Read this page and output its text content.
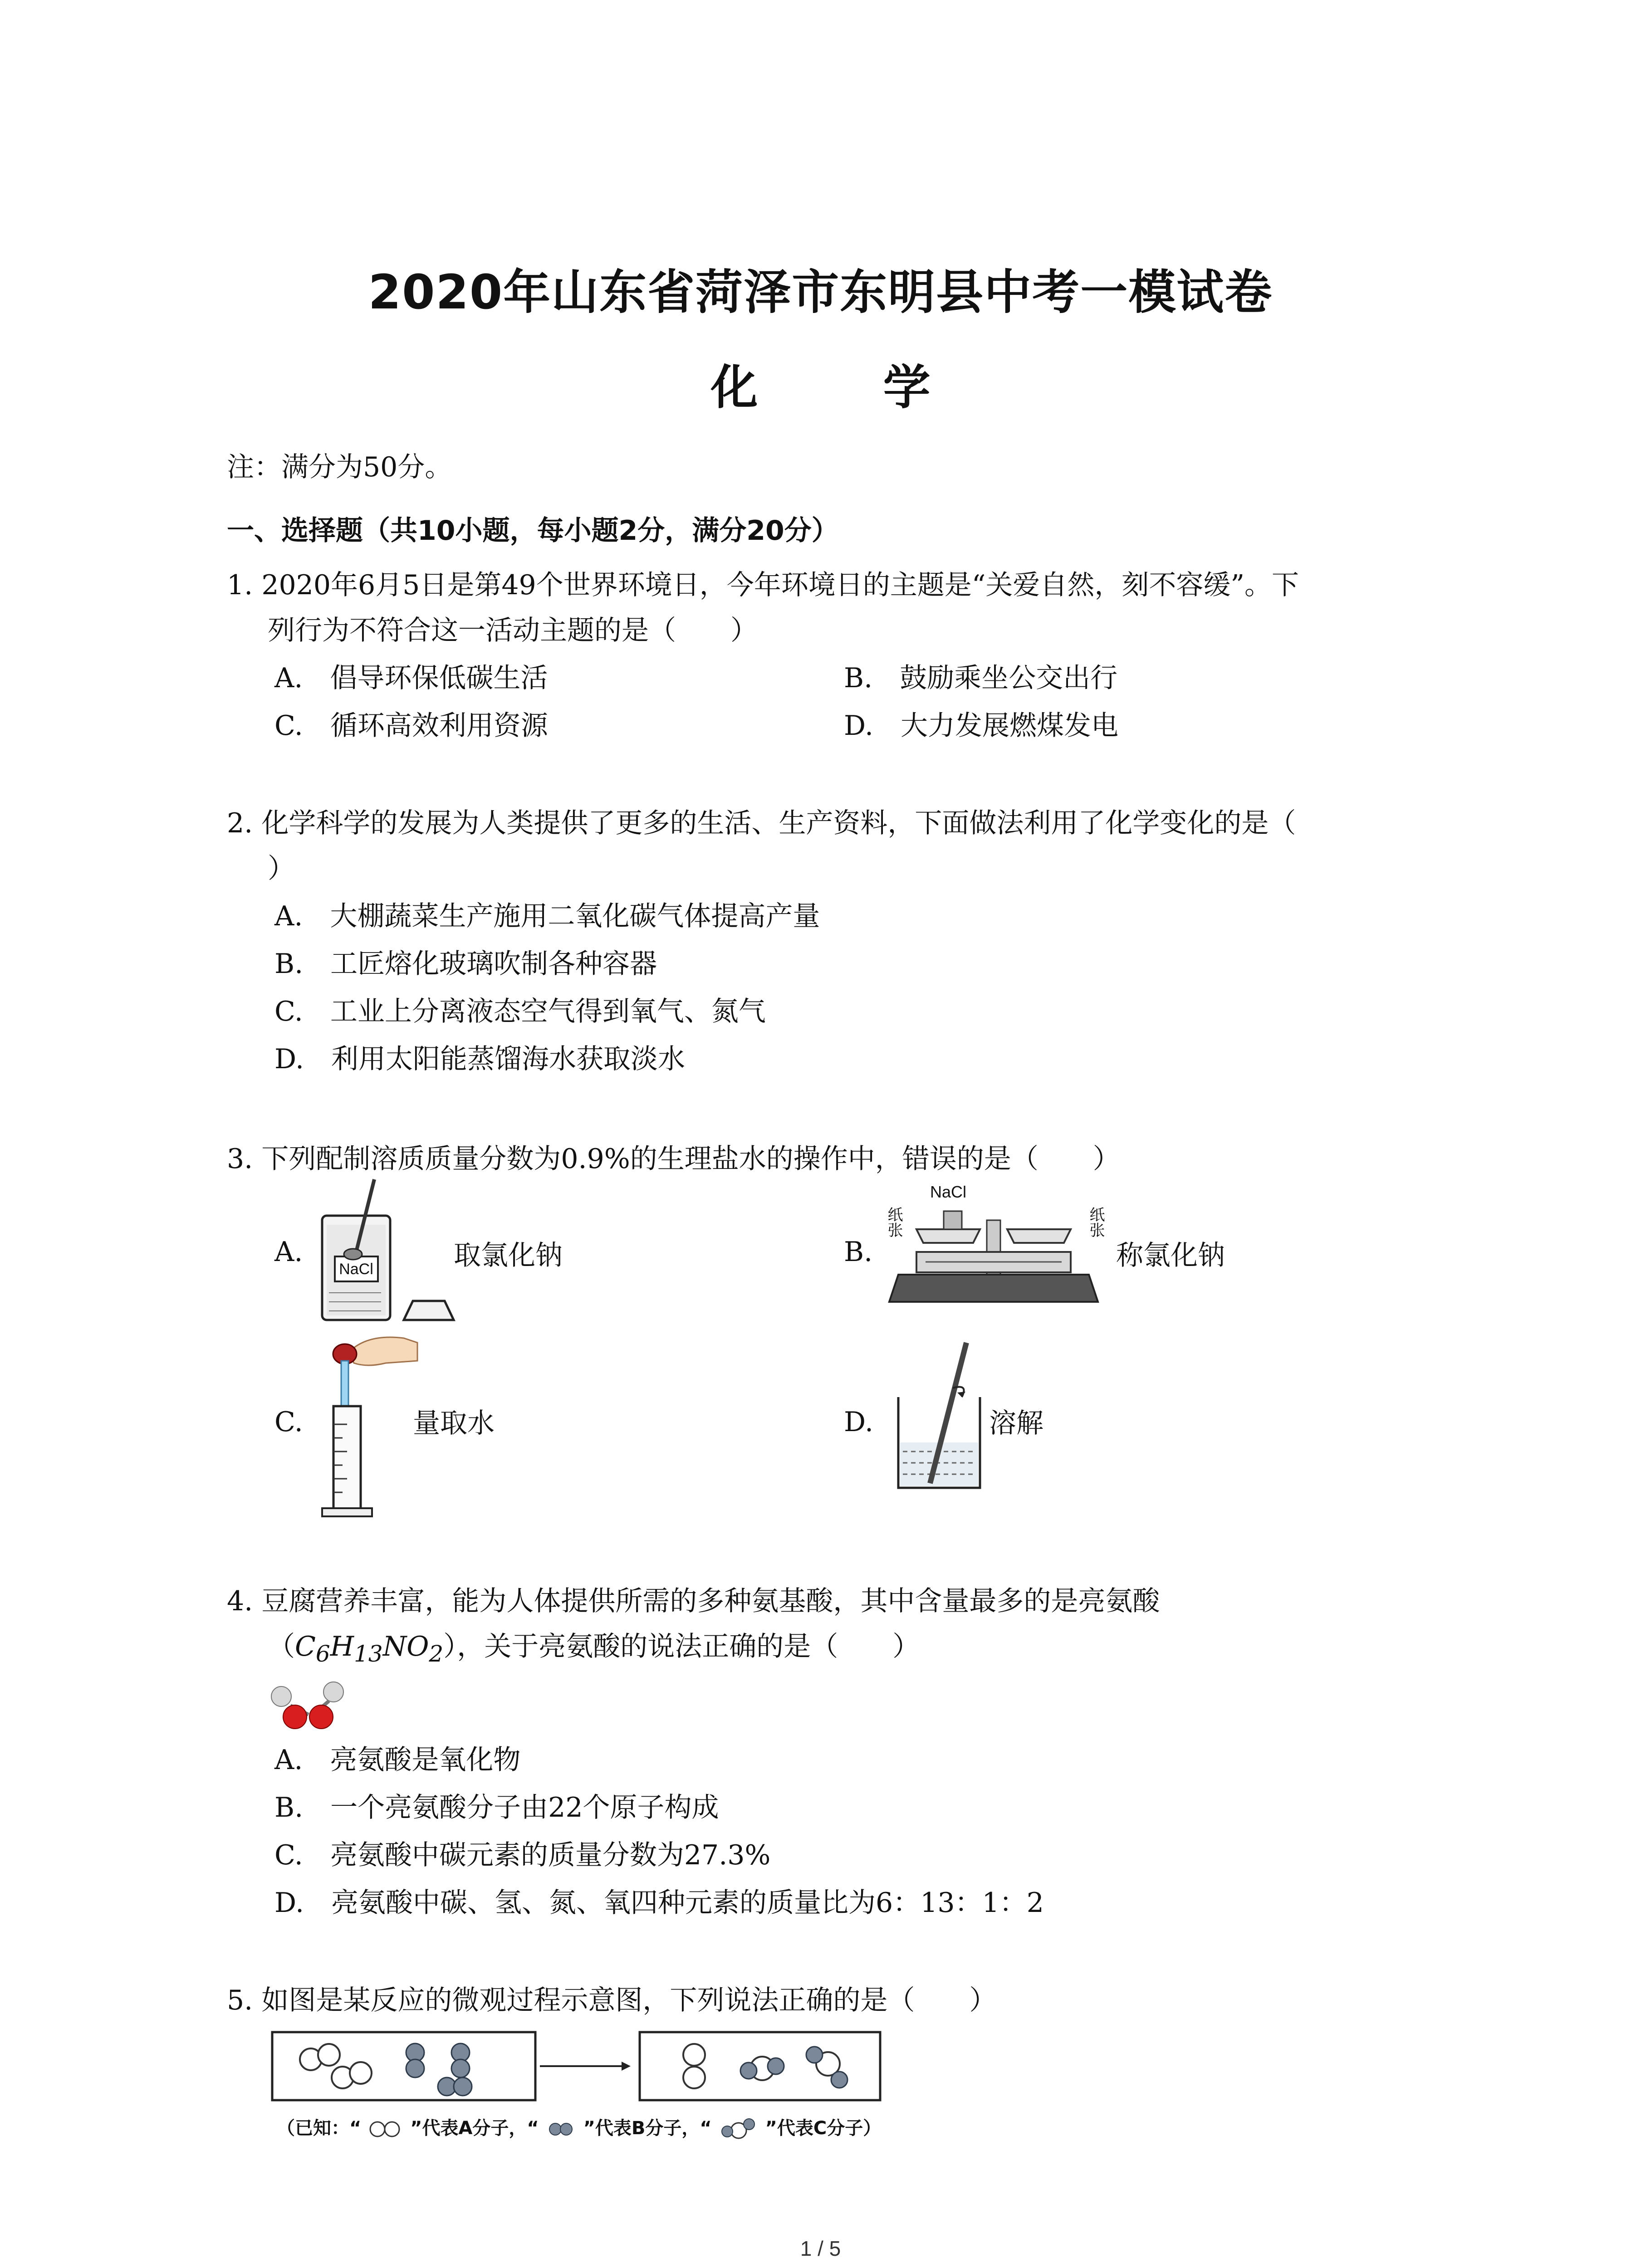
2020年山东省菏泽市东明县中考一模试卷
化 学
注：满分为50分。
一、选择题（共10小题，每小题2分，满分20分）
1. 2020年6月5日是第49个世界环境日，今年环境日的主题是“关爱自然，刻不容缓”。下
列行为不符合这一活动主题的是（　　）
A.　倡导环保低碳生活	B.　鼓励乘坐公交出行
C.　循环高效利用资源	D.　大力发展燃煤发电
2. 化学科学的发展为人类提供了更多的生活、生产资料，下面做法利用了化学变化的是（
）
A.　大棚蔬菜生产施用二氧化碳气体提高产量
B.　工匠熔化玻璃吹制各种容器
C.　工业上分离液态空气得到氧气、氮气
D.　利用太阳能蒸馏海水获取淡水
3. 下列配制溶质质量分数为0.9%的生理盐水的操作中，错误的是（　　）
A.
NaCl	取氯化钠	B.
NaCl
纸张	纸张
称氯化钠
C.	量取水	D.	溶解
4. 豆腐营养丰富，能为人体提供所需的多种氨基酸，其中含量最多的是亮氨酸
$(C_6H_{13}NO_2)$，关于亮氨酸的说法正确的是（　　）
A.　亮氨酸是氧化物
B.　一个亮氨酸分子由22个原子构成
C.　亮氨酸中碳元素的质量分数为27.3%
D.　亮氨酸中碳、氢、氮、氧四种元素的质量比为6：13：1：2
5. 如图是某反应的微观过程示意图，下列说法正确的是（　　）
（已知：“	”代表A分子，“ ”代表B分子，“	”代表C分子）
1 / 5
